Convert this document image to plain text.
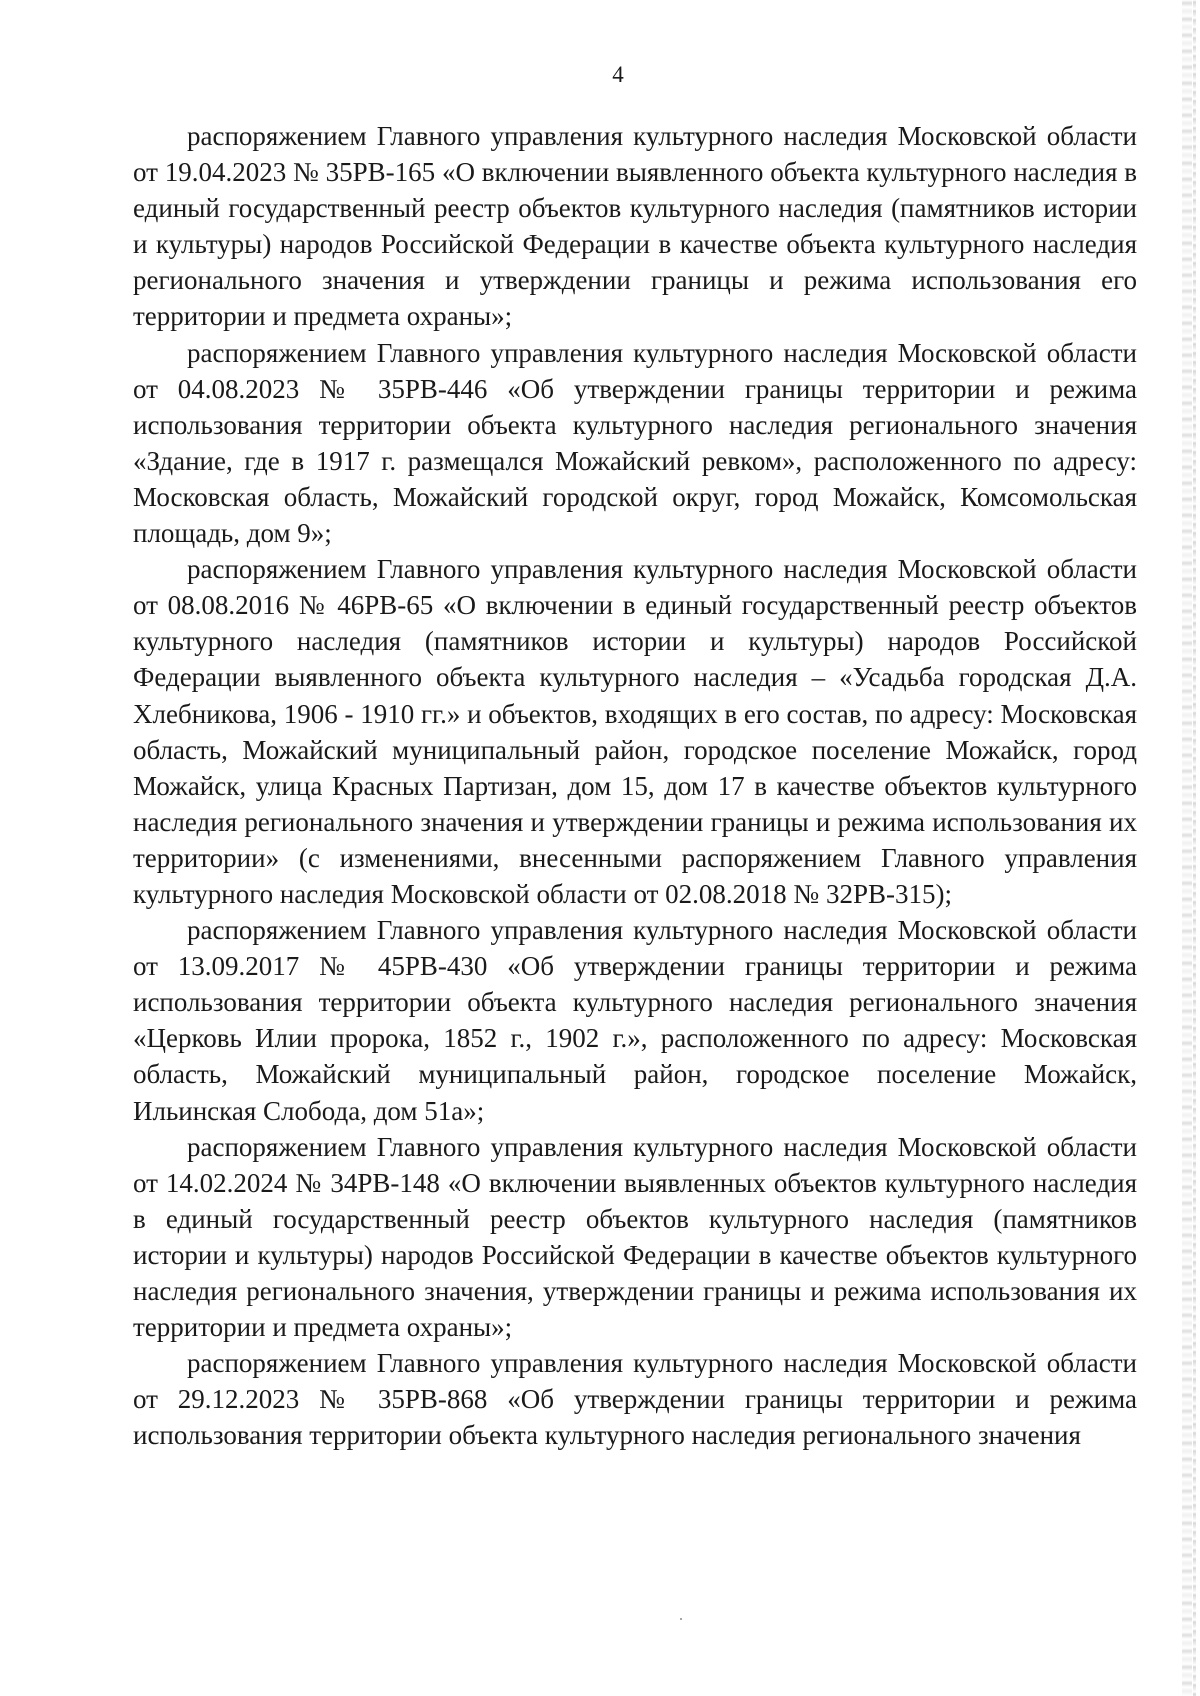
4

распоряжением Главного управления культурного наследия Московской области от 19.04.2023 № 35РВ-165 «О включении выявленного объекта культурного наследия в единый государственный реестр объектов культурного наследия (памятников истории и культуры) народов Российской Федерации в качестве объекта культурного наследия регионального значения и утверждении границы и режима использования его территории и предмета охраны»;

распоряжением Главного управления культурного наследия Московской области от 04.08.2023 № 35РВ-446 «Об утверждении границы территории и режима использования территории объекта культурного наследия регионального значения «Здание, где в 1917 г. размещался Можайский ревком», расположенного по адресу: Московская область, Можайский городской округ, город Можайск, Комсомольская площадь, дом 9»;

распоряжением Главного управления культурного наследия Московской области от 08.08.2016 № 46РВ-65 «О включении в единый государственный реестр объектов культурного наследия (памятников истории и культуры) народов Российской Федерации выявленного объекта культурного наследия – «Усадьба городская Д.А. Хлебникова, 1906 - 1910 гг.» и объектов, входящих в его состав, по адресу: Московская область, Можайский муниципальный район, городское поселение Можайск, город Можайск, улица Красных Партизан, дом 15, дом 17 в качестве объектов культурного наследия регионального значения и утверждении границы и режима использования их территории» (с изменениями, внесенными распоряжением Главного управления культурного наследия Московской области от 02.08.2018 № 32РВ-315);

распоряжением Главного управления культурного наследия Московской области от 13.09.2017 № 45РВ-430 «Об утверждении границы территории и режима использования территории объекта культурного наследия регионального значения «Церковь Илии пророка, 1852 г., 1902 г.», расположенного по адресу: Московская область, Можайский муниципальный район, городское поселение Можайск, Ильинская Слобода, дом 51а»;

распоряжением Главного управления культурного наследия Московской области от 14.02.2024 № 34РВ-148 «О включении выявленных объектов культурного наследия в единый государственный реестр объектов культурного наследия (памятников истории и культуры) народов Российской Федерации в качестве объектов культурного наследия регионального значения, утверждении границы и режима использования их территории и предмета охраны»;

распоряжением Главного управления культурного наследия Московской области от 29.12.2023 № 35РВ-868 «Об утверждении границы территории и режима использования территории объекта культурного наследия регионального значения
